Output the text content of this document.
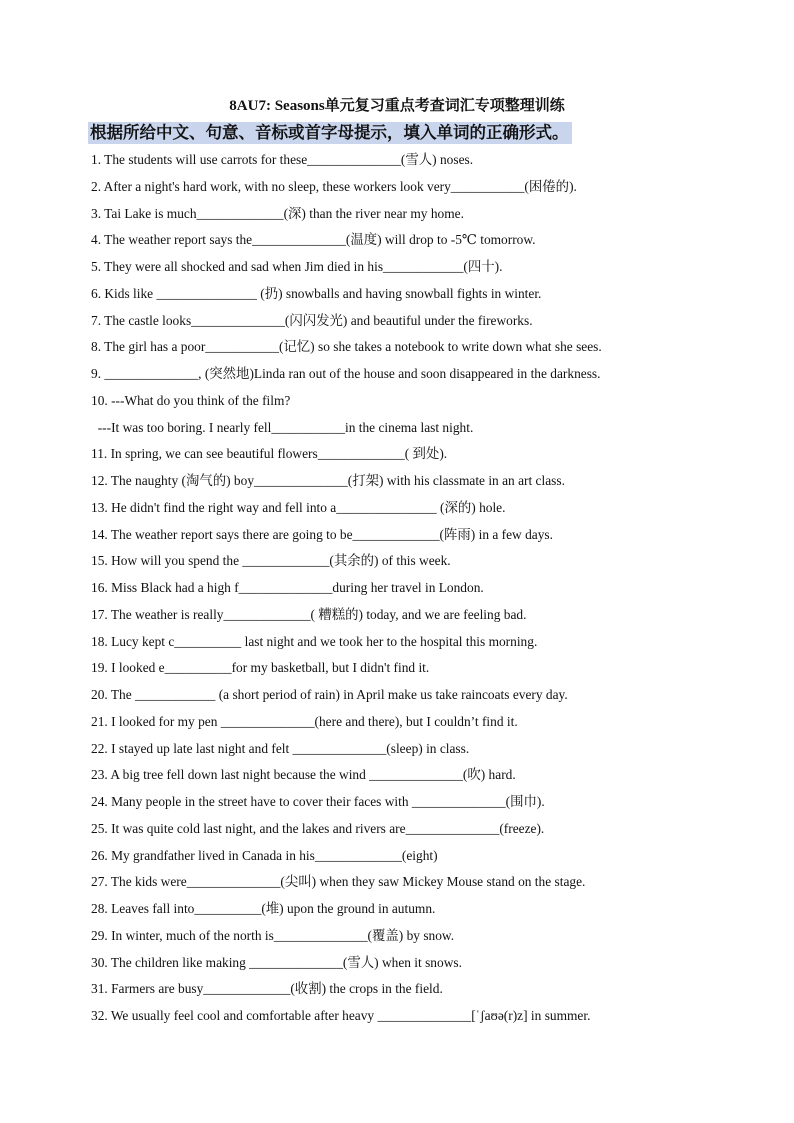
8AU7: Seasons单元复习重点考查词汇专项整理训练
根据所给中文、句意、音标或首字母提示，填入单词的正确形式。
1. The students will use carrots for these______________(雪人) noses.
2. After a night's hard work, with no sleep, these workers look very___________(困倦的).
3. Tai Lake is much_____________(深) than the river near my home.
4. The weather report says the______________(温度) will drop to -5℃ tomorrow.
5. They were all shocked and sad when Jim died in his____________(四十).
6. Kids like _______________ (扔) snowballs and having snowball fights in winter.
7. The castle looks______________(闪闪发光) and beautiful under the fireworks.
8. The girl has a poor___________(记忆) so she takes a notebook to write down what she sees.
9. ______________, (突然地)Linda ran out of the house and soon disappeared in the darkness.
10. ---What do you think of the film?
---It was too boring. I nearly fell___________in the cinema last night.
11. In spring, we can see beautiful flowers_____________( 到处).
12. The naughty (淘气的) boy______________(打架) with his classmate in an art class.
13. He didn't find the right way and fell into a_______________ (深的) hole.
14. The weather report says there are going to be_____________(阵雨) in a few days.
15. How will you spend the _____________(其余的) of this week.
16. Miss Black had a high f______________during her travel in London.
17. The weather is really_____________( 糟糕的) today, and we are feeling bad.
18. Lucy kept c__________ last night and we took her to the hospital this morning.
19. I looked e__________for my basketball, but I didn't find it.
20. The ____________ (a short period of rain) in April make us take raincoats every day.
21. I looked for my pen ______________(here and there), but I couldn’t find it.
22. I stayed up late last night and felt ______________(sleep) in class.
23. A big tree fell down last night because the wind ______________(吹) hard.
24. Many people in the street have to cover their faces with ______________(围巾).
25. It was quite cold last night, and the lakes and rivers are______________(freeze).
26. My grandfather lived in Canada in his_____________(eight)
27. The kids were______________(尖叫) when they saw Mickey Mouse stand on the stage.
28. Leaves fall into__________(堆) upon the ground in autumn.
29. In winter, much of the north is______________(覆盖) by snow.
30. The children like making ______________(雪人) when it snows.
31. Farmers are busy_____________(收割) the crops in the field.
32. We usually feel cool and comfortable after heavy ______________[ˈʃaʊə(r)z] in summer.
